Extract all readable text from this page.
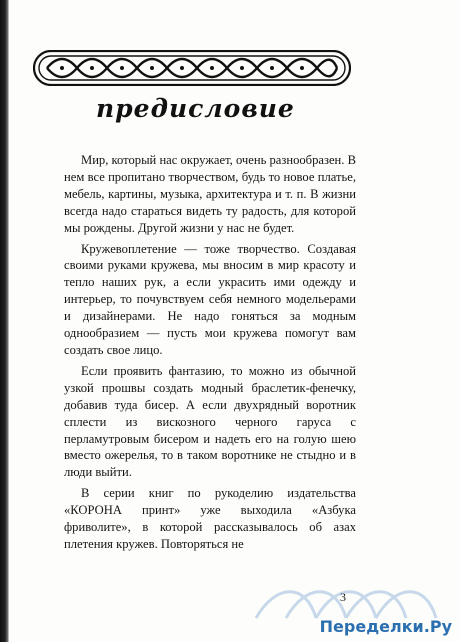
предисловие

Мир, который нас окружает, очень разнообразен. В нем все пропитано творчеством, будь то новое платье, мебель, картины, музыка, архитектура и т. п. В жизни всегда надо стараться видеть ту радость, для которой мы рождены. Другой жизни у нас не будет.

Кружевоплетение — тоже творчество. Создавая своими руками кружева, мы вносим в мир красоту и тепло наших рук, а если украсить ими одежду и интерьер, то почувствуем себя немного модельерами и дизайнерами. Не надо гоняться за модным однообразием — пусть мои кружева помогут вам создать свое лицо.

Если проявить фантазию, то можно из обычной узкой прошвы создать модный браслетик-фенечку, добавив туда бисер. А если двухрядный воротник сплести из вискозного черного гаруса с перламутровым бисером и надеть его на голую шею вместо ожерелья, то в таком воротнике не стыдно и в люди выйти.

В серии книг по рукоделию издательства «КОРОНА принт» уже выходила «Азбука фриволите», в которой рассказывалось об азах плетения кружев. Повторяться не

3
Переделки.Ру
